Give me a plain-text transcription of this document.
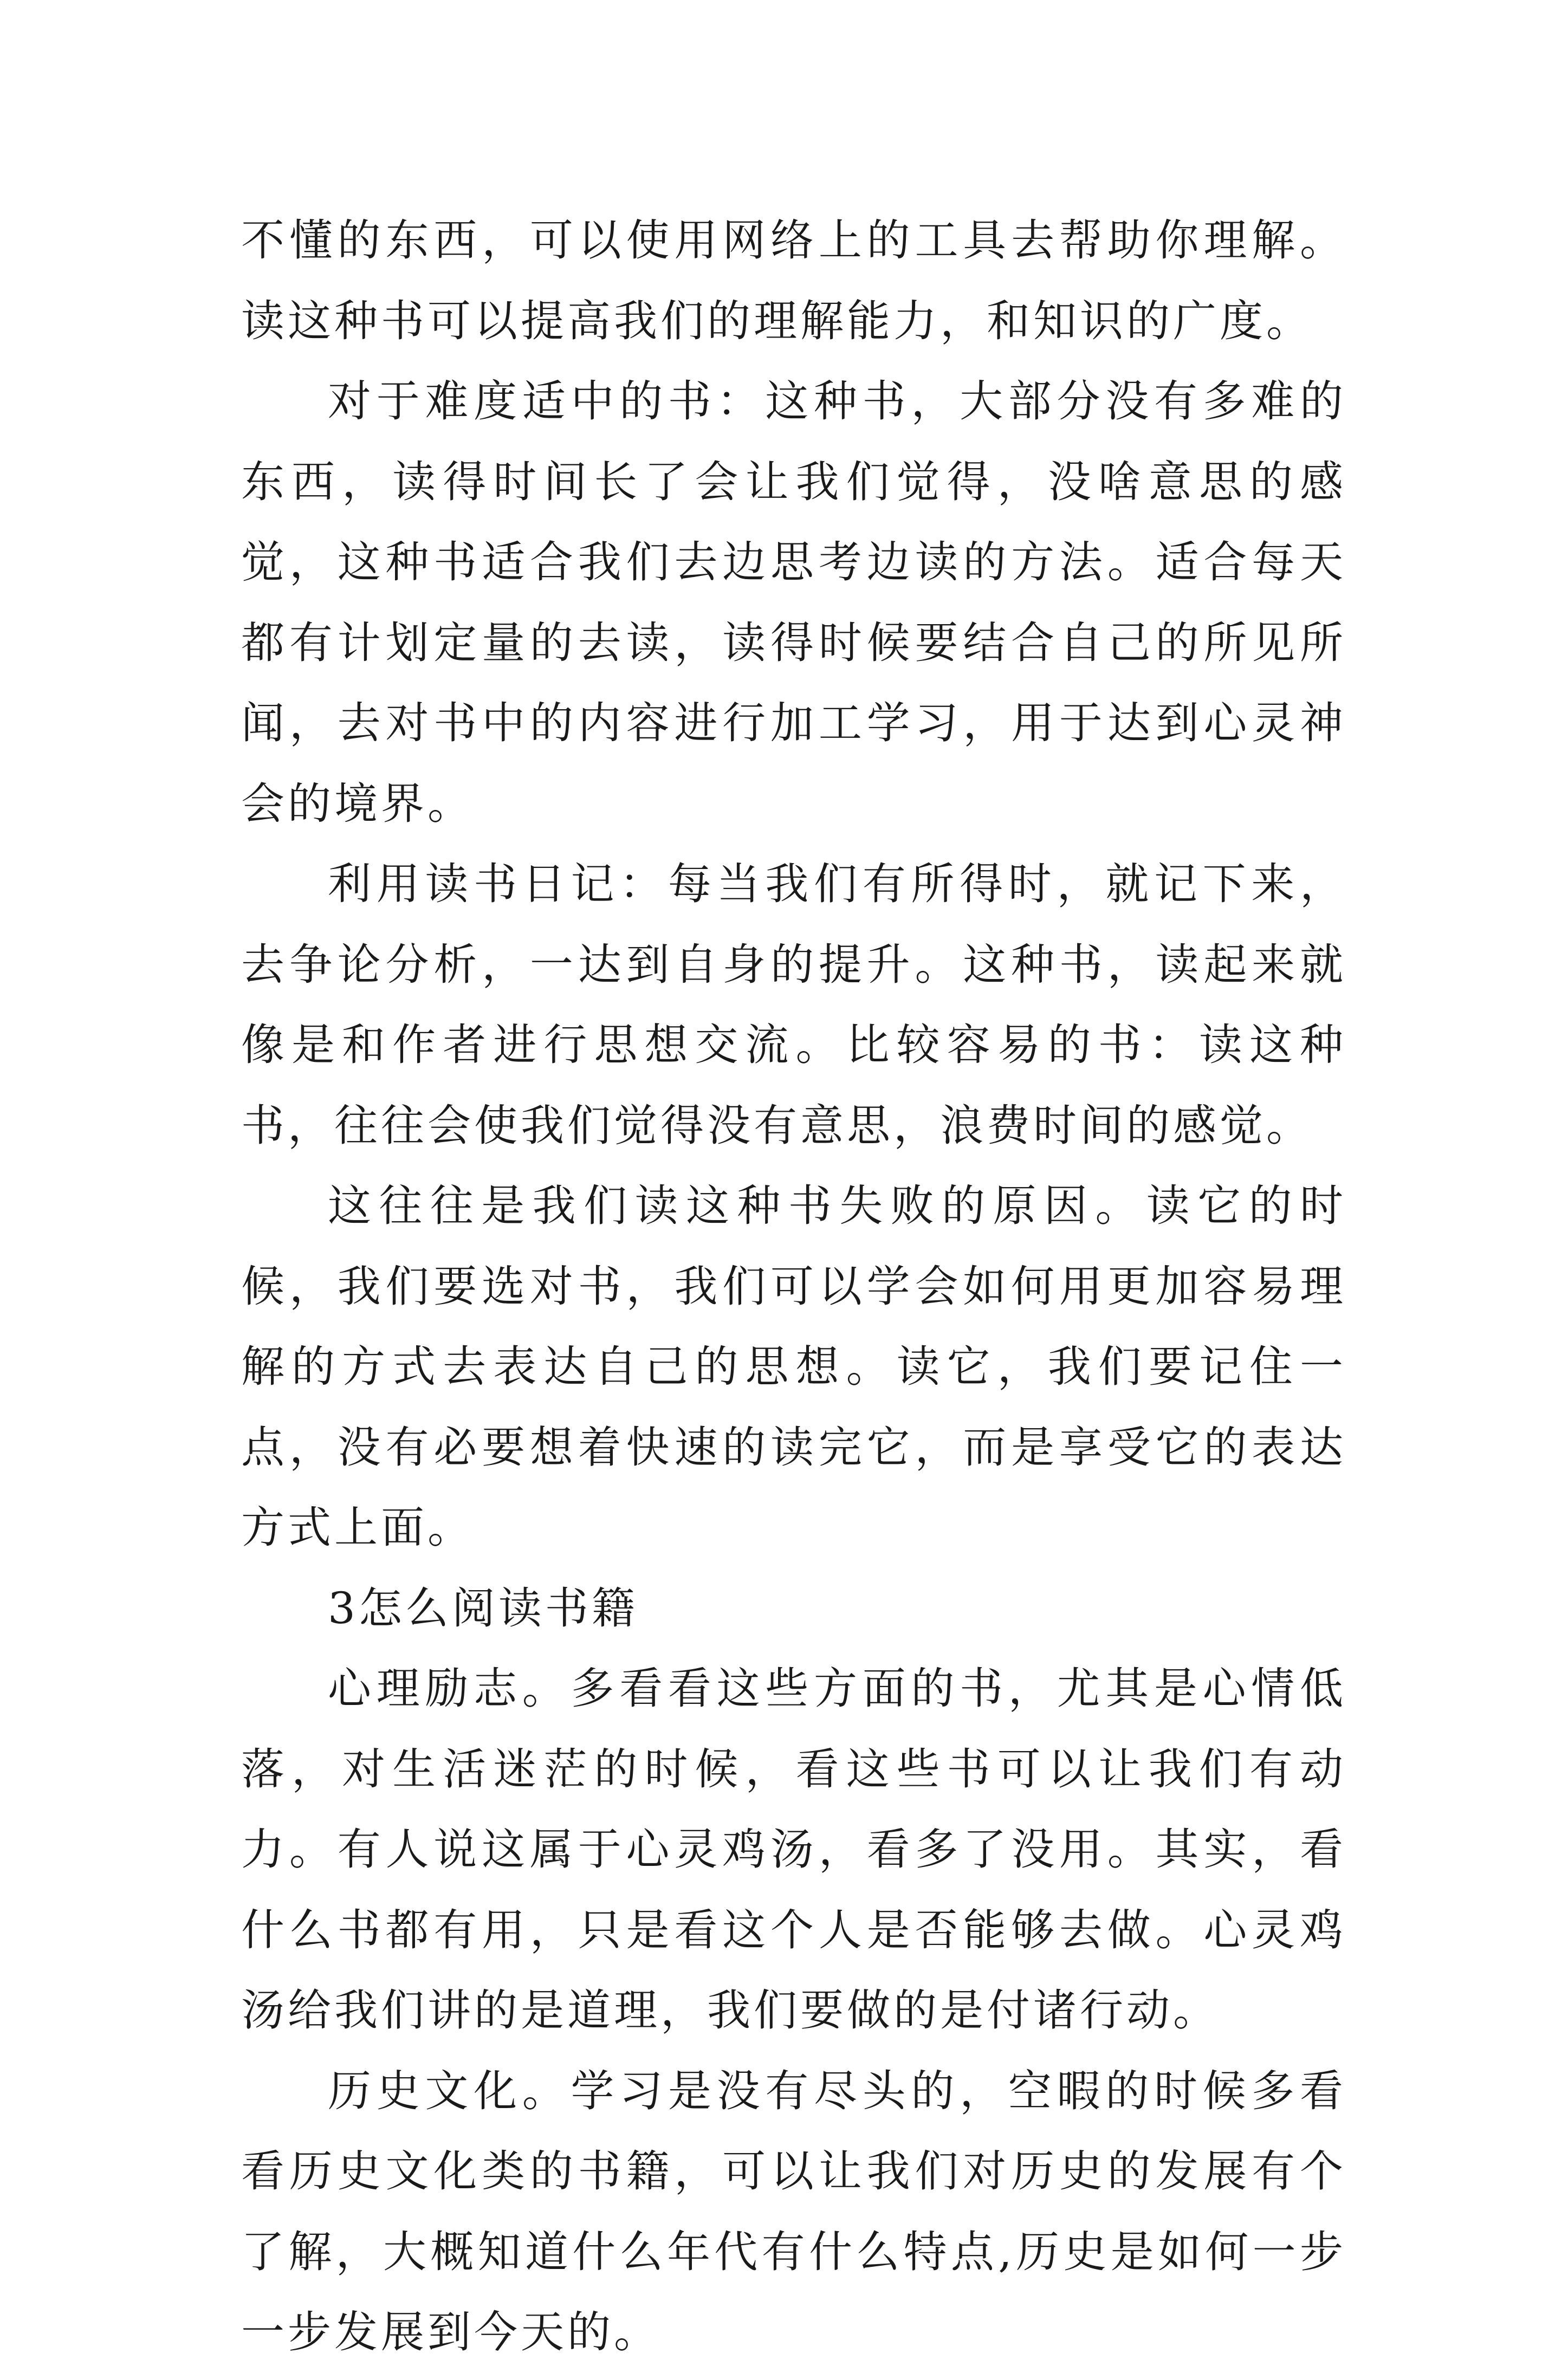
不懂的东西，可以使用网络上的工具去帮助你理解。读这种书可以提高我们的理解能力，和知识的广度。

对于难度适中的书：这种书，大部分没有多难的东西，读得时间长了会让我们觉得，没啥意思的感觉，这种书适合我们去边思考边读的方法。适合每天都有计划定量的去读，读得时候要结合自己的所见所闻，去对书中的内容进行加工学习，用于达到心灵神会的境界。

利用读书日记：每当我们有所得时，就记下来，去争论分析，一达到自身的提升。这种书，读起来就像是和作者进行思想交流。比较容易的书：读这种书，往往会使我们觉得没有意思，浪费时间的感觉。

这往往是我们读这种书失败的原因。读它的时候，我们要选对书，我们可以学会如何用更加容易理解的方式去表达自己的思想。读它，我们要记住一点，没有必要想着快速的读完它，而是享受它的表达方式上面。

3怎么阅读书籍

心理励志。多看看这些方面的书，尤其是心情低落，对生活迷茫的时候，看这些书可以让我们有动力。有人说这属于心灵鸡汤，看多了没用。其实，看什么书都有用，只是看这个人是否能够去做。心灵鸡汤给我们讲的是道理，我们要做的是付诸行动。

历史文化。学习是没有尽头的，空暇的时候多看看历史文化类的书籍，可以让我们对历史的发展有个了解，大概知道什么年代有什么特点,历史是如何一步一步发展到今天的。
